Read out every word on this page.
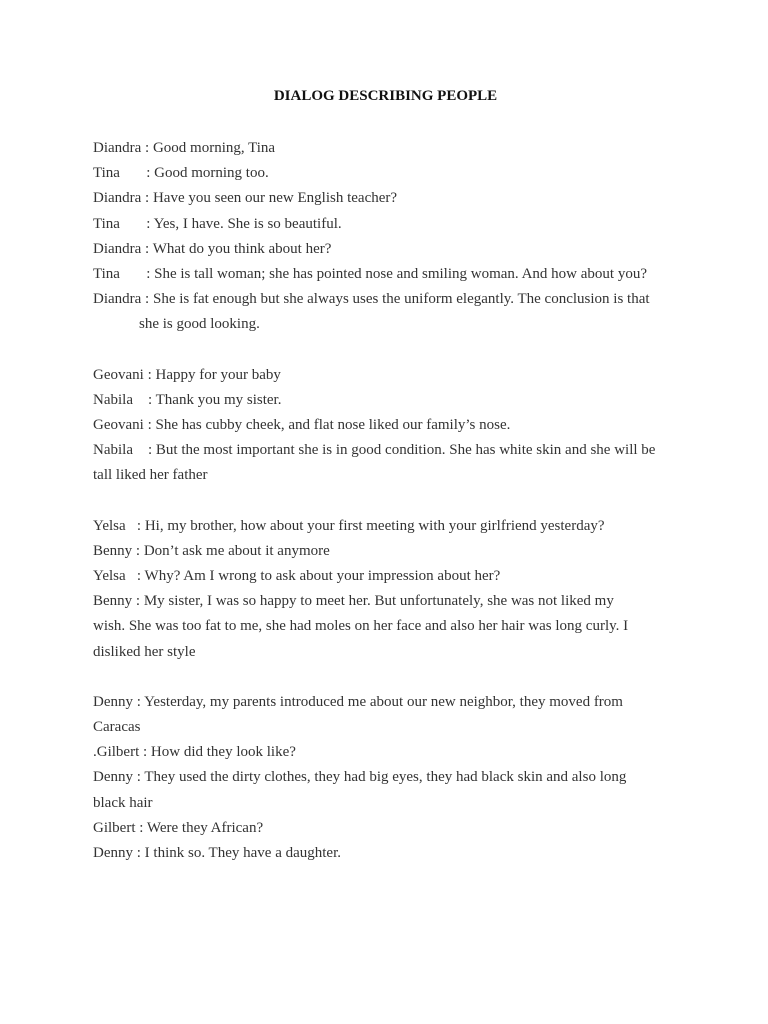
DIALOG DESCRIBING PEOPLE

Diandra : Good morning, Tina

Tina       : Good morning too.

Diandra : Have you seen our new English teacher?

Tina       : Yes, I have. She is so beautiful.

Diandra : What do you think about her?

Tina       : She is tall woman; she has pointed nose and smiling woman. And how about you?

Diandra : She is fat enough but she always uses the uniform elegantly. The conclusion is that

she is good looking.

Geovani : Happy for your baby

Nabila    : Thank you my sister.

Geovani : She has cubby cheek, and flat nose liked our family’s nose.

Nabila    : But the most important she is in good condition. She has white skin and she will be

tall liked her father

Yelsa   : Hi, my brother, how about your first meeting with your girlfriend yesterday?

Benny : Don’t ask me about it anymore

Yelsa   : Why? Am I wrong to ask about your impression about her?

Benny : My sister, I was so happy to meet her. But unfortunately, she was not liked my

wish. She was too fat to me, she had moles on her face and also her hair was long curly. I

disliked her style

Denny : Yesterday, my parents introduced me about our new neighbor, they moved from

Caracas

.Gilbert : How did they look like?

Denny : They used the dirty clothes, they had big eyes, they had black skin and also long

black hair

Gilbert : Were they African?

Denny : I think so. They have a daughter.
